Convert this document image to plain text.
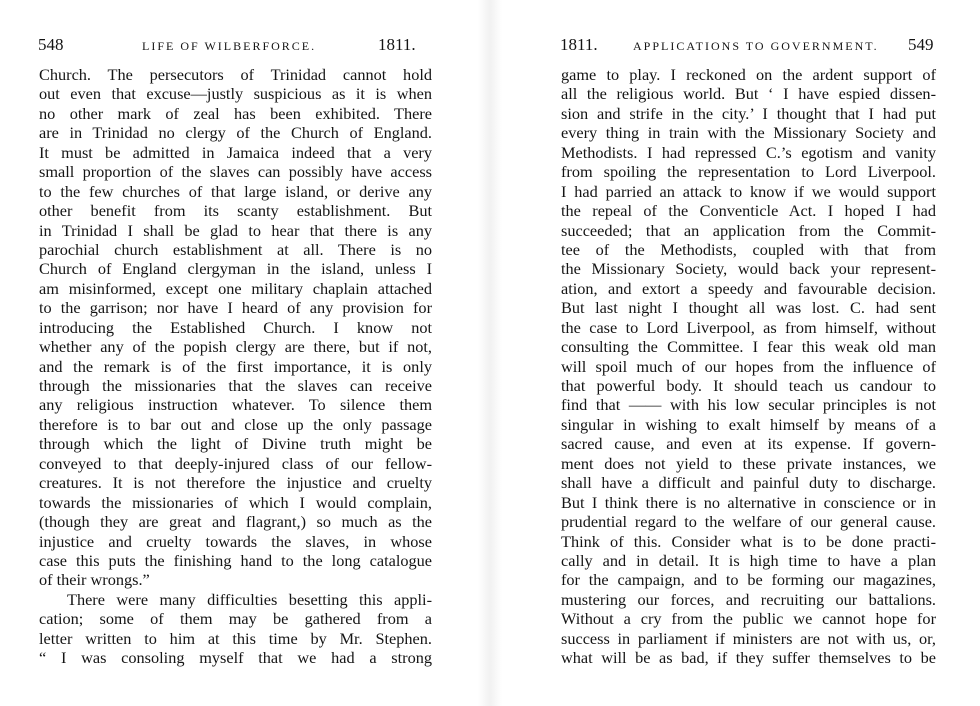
548	LIFE OF WILBERFORCE.	1811.
Church. The persecutors of Trinidad cannot hold
out even that excuse—justly suspicious as it is when
no other mark of zeal has been exhibited. There
are in Trinidad no clergy of the Church of England.
It must be admitted in Jamaica indeed that a very
small proportion of the slaves can possibly have access
to the few churches of that large island, or derive any
other benefit from its scanty establishment. But
in Trinidad I shall be glad to hear that there is any
parochial church establishment at all. There is no
Church of England clergyman in the island, unless I
am misinformed, except one military chaplain attached
to the garrison; nor have I heard of any provision for
introducing the Established Church. I know not
whether any of the popish clergy are there, but if not,
and the remark is of the first importance, it is only
through the missionaries that the slaves can receive
any religious instruction whatever. To silence them
therefore is to bar out and close up the only passage
through which the light of Divine truth might be
conveyed to that deeply-injured class of our fellow-
creatures. It is not therefore the injustice and cruelty
towards the missionaries of which I would complain,
(though they are great and flagrant,) so much as the
injustice and cruelty towards the slaves, in whose
case this puts the finishing hand to the long catalogue
of their wrongs.”
There were many difficulties besetting this appli-
cation; some of them may be gathered from a
letter written to him at this time by Mr. Stephen.
“ I was consoling myself that we had a strong
1811.	APPLICATIONS TO GOVERNMENT. 549
game to play. I reckoned on the ardent support of
all the religious world. But ‘ I have espied dissen-
sion and strife in the city.’ I thought that I had put
every thing in train with the Missionary Society and
Methodists. I had repressed C.’s egotism and vanity
from spoiling the representation to Lord Liverpool.
I had parried an attack to know if we would support
the repeal of the Conventicle Act. I hoped I had
succeeded; that an application from the Commit-
tee of the Methodists, coupled with that from
the Missionary Society, would back your represent-
ation, and extort a speedy and favourable decision.
But last night I thought all was lost. C. had sent
the case to Lord Liverpool, as from himself, without
consulting the Committee. I fear this weak old man
will spoil much of our hopes from the influence of
that powerful body. It should teach us candour to
find that —— with his low secular principles is not
singular in wishing to exalt himself by means of a
sacred cause, and even at its expense. If govern-
ment does not yield to these private instances, we
shall have a difficult and painful duty to discharge.
But I think there is no alternative in conscience or in
prudential regard to the welfare of our general cause.
Think of this. Consider what is to be done practi-
cally and in detail. It is high time to have a plan
for the campaign, and to be forming our magazines,
mustering our forces, and recruiting our battalions.
Without a cry from the public we cannot hope for
success in parliament if ministers are not with us, or,
what will be as bad, if they suffer themselves to be
